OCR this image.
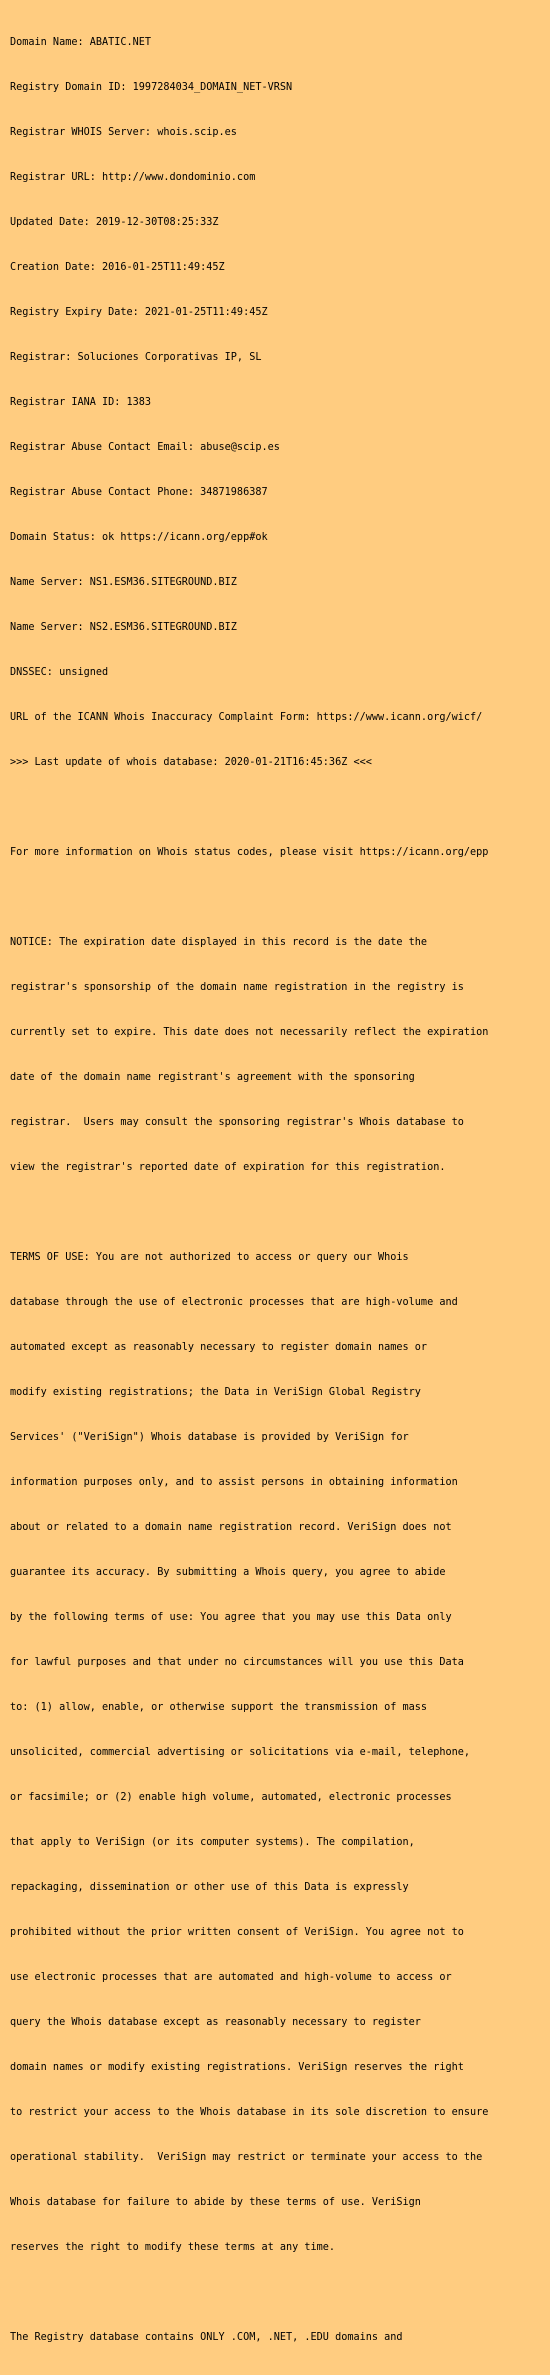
Domain Name: ABATIC.NET

Registry Domain ID: 1997284034_DOMAIN_NET-VRSN

Registrar WHOIS Server: whois.scip.es

Registrar URL: http://www.dondominio.com

Updated Date: 2019-12-30T08:25:33Z

Creation Date: 2016-01-25T11:49:45Z

Registry Expiry Date: 2021-01-25T11:49:45Z

Registrar: Soluciones Corporativas IP, SL

Registrar IANA ID: 1383

Registrar Abuse Contact Email: abuse@scip.es

Registrar Abuse Contact Phone: 34871986387

Domain Status: ok https://icann.org/epp#ok

Name Server: NS1.ESM36.SITEGROUND.BIZ

Name Server: NS2.ESM36.SITEGROUND.BIZ

DNSSEC: unsigned

URL of the ICANN Whois Inaccuracy Complaint Form: https://www.icann.org/wicf/

>>> Last update of whois database: 2020-01-21T16:45:36Z <<<

For more information on Whois status codes, please visit https://icann.org/epp

NOTICE: The expiration date displayed in this record is the date the

registrar's sponsorship of the domain name registration in the registry is

currently set to expire. This date does not necessarily reflect the expiration

date of the domain name registrant's agreement with the sponsoring

registrar.  Users may consult the sponsoring registrar's Whois database to

view the registrar's reported date of expiration for this registration.

TERMS OF USE: You are not authorized to access or query our Whois

database through the use of electronic processes that are high-volume and

automated except as reasonably necessary to register domain names or

modify existing registrations; the Data in VeriSign Global Registry

Services' ("VeriSign") Whois database is provided by VeriSign for

information purposes only, and to assist persons in obtaining information

about or related to a domain name registration record. VeriSign does not

guarantee its accuracy. By submitting a Whois query, you agree to abide

by the following terms of use: You agree that you may use this Data only

for lawful purposes and that under no circumstances will you use this Data

to: (1) allow, enable, or otherwise support the transmission of mass

unsolicited, commercial advertising or solicitations via e-mail, telephone,

or facsimile; or (2) enable high volume, automated, electronic processes

that apply to VeriSign (or its computer systems). The compilation,

repackaging, dissemination or other use of this Data is expressly

prohibited without the prior written consent of VeriSign. You agree not to

use electronic processes that are automated and high-volume to access or

query the Whois database except as reasonably necessary to register

domain names or modify existing registrations. VeriSign reserves the right

to restrict your access to the Whois database in its sole discretion to ensure

operational stability.  VeriSign may restrict or terminate your access to the

Whois database for failure to abide by these terms of use. VeriSign

reserves the right to modify these terms at any time.

The Registry database contains ONLY .COM, .NET, .EDU domains and
